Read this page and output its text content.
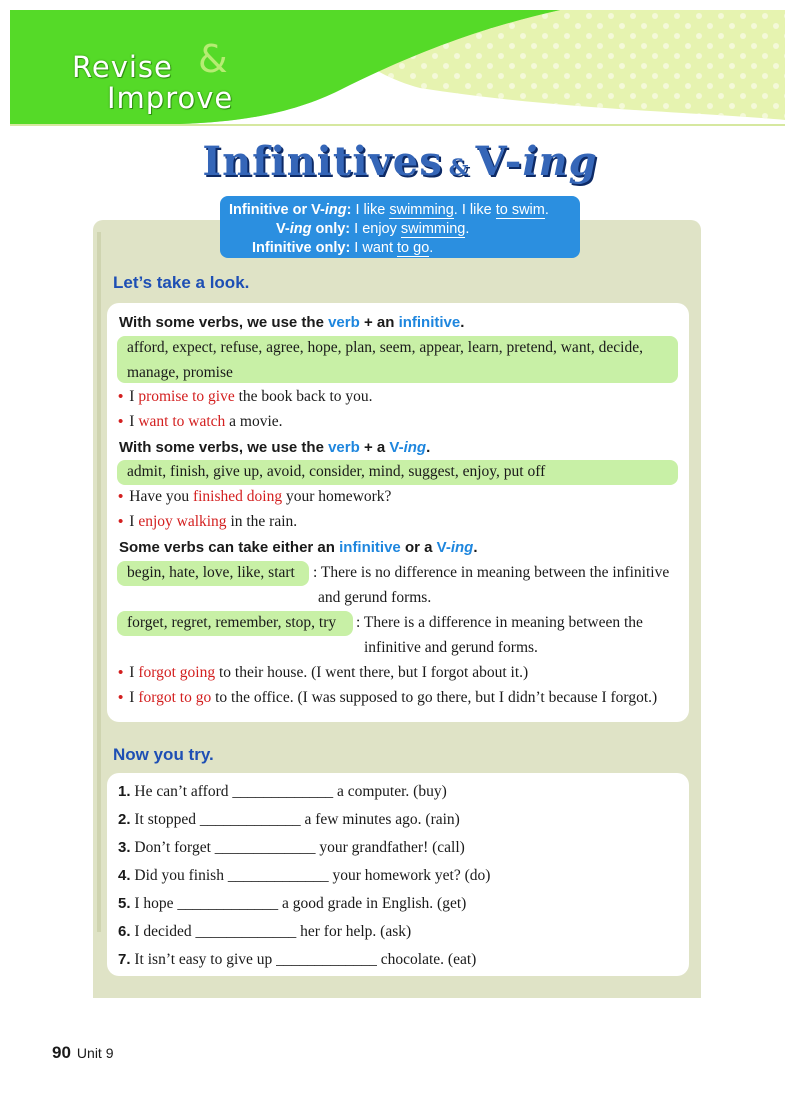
Revise &
Improve
Infinitives & V-ing
Infinitive or V-ing: I like swimming. I like to swim.
V-ing only: I enjoy swimming.
Infinitive only: I want to go.
Let’s take a look.
With some verbs, we use the verb + an infinitive.
afford, expect, refuse, agree, hope, plan, seem, appear, learn, pretend, want, decide,
manage, promise
• I promise to give the book back to you.
• I want to watch a movie.
With some verbs, we use the verb + a V-ing.
admit, finish, give up, avoid, consider, mind, suggest, enjoy, put off
• Have you finished doing your homework?
• I enjoy walking in the rain.
Some verbs can take either an infinitive or a V-ing.
begin, hate, love, like, start : There is no difference in meaning between the infinitive
and gerund forms.
forget, regret, remember, stop, try : There is a difference in meaning between the
infinitive and gerund forms.
• I forgot going to their house. (I went there, but I forgot about it.)
• I forgot to go to the office. (I was supposed to go there, but I didn’t because I forgot.)
Now you try.
1. He can’t afford _____________ a computer. (buy)
2. It stopped _____________ a few minutes ago. (rain)
3. Don’t forget _____________ your grandfather! (call)
4. Did you finish _____________ your homework yet? (do)
5. I hope _____________ a good grade in English. (get)
6. I decided _____________ her for help. (ask)
7. It isn’t easy to give up _____________ chocolate. (eat)
90 Unit 9
